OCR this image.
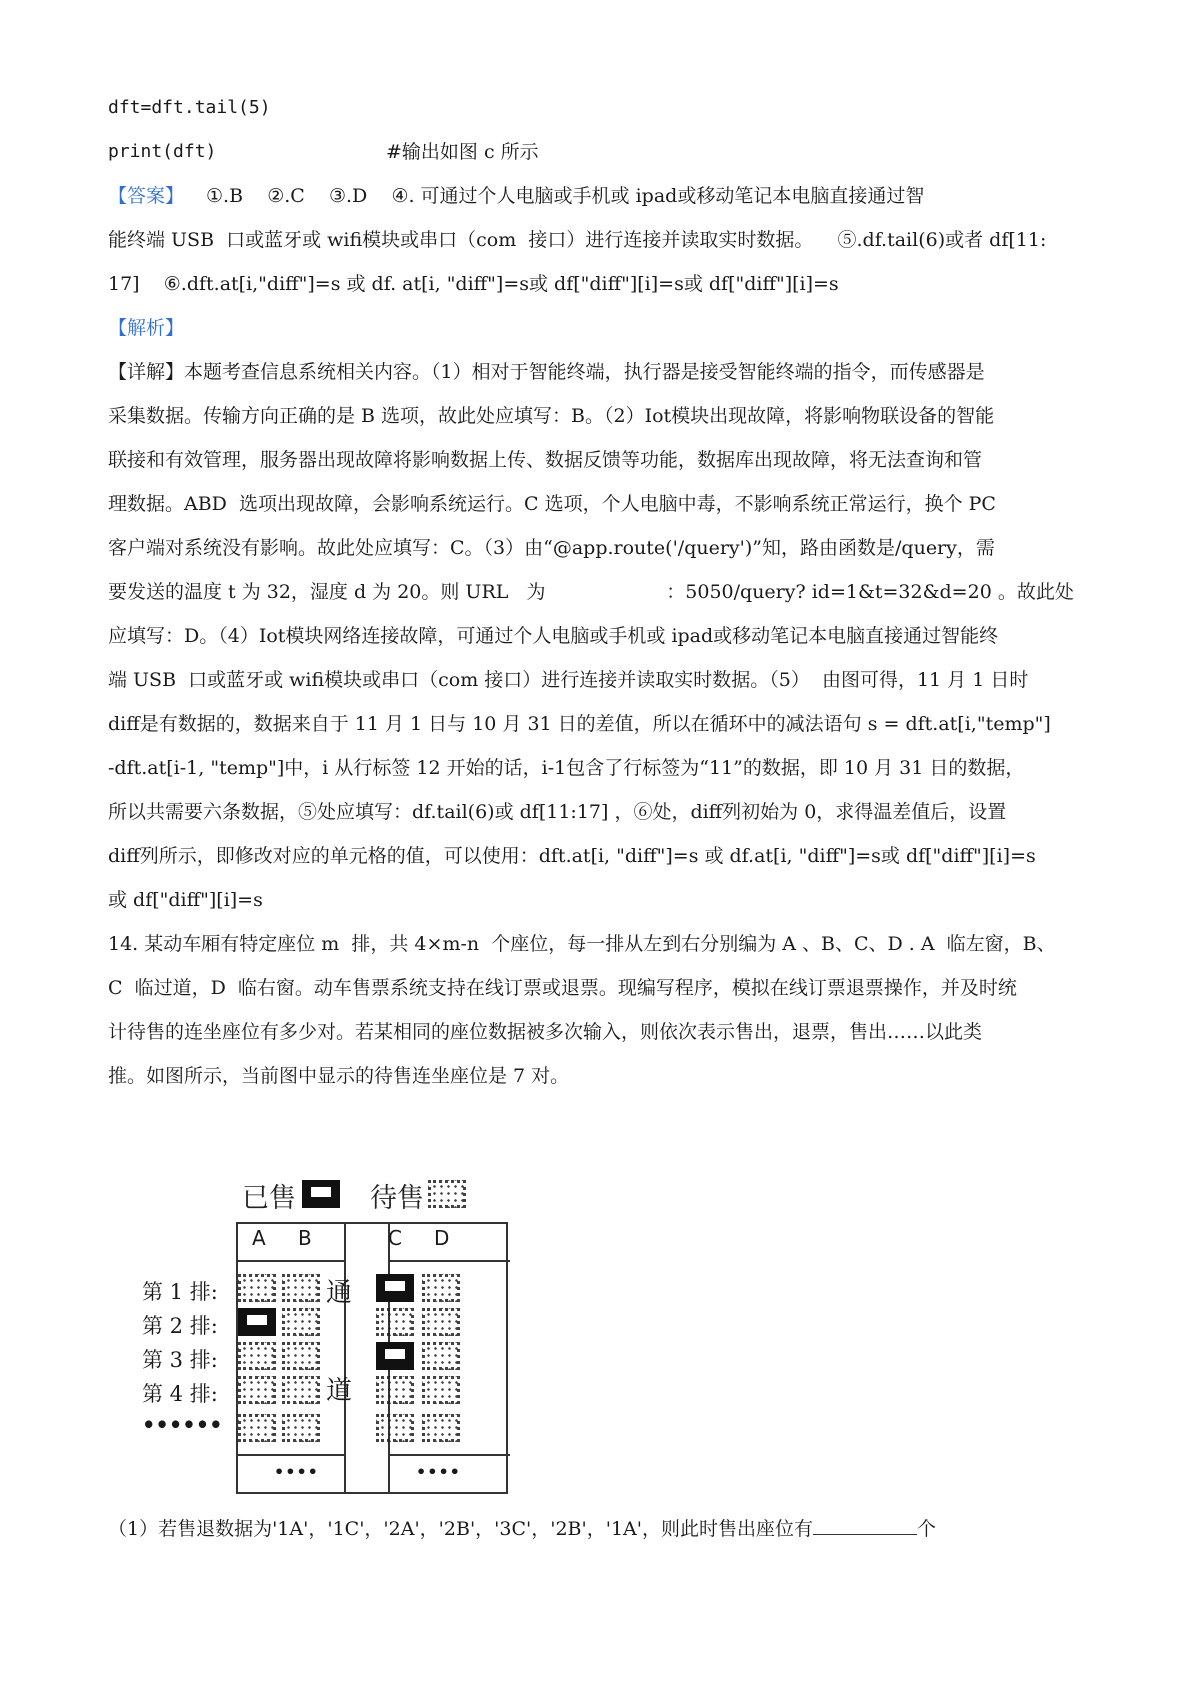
dft=dft.tail(5)
print(dft)	#输出如图 c 所示
【答案】 ①.B    ②.C    ③.D    ④. 可通过个人电脑或手机或 ipad或移动笔记本电脑直接通过智
能终端 USB  口或蓝牙或 wifi模块或串口（com  接口）进行连接并读取实时数据。    ⑤.df.tail(6)或者 df[11:
17]    ⑥.dft.at[i,"diff"]=s 或 df. at[i, "diff"]=s或 df["diff"][i]=s或 df["diff"][i]=s
【解析】
【详解】本题考查信息系统相关内容。（1）相对于智能终端，执行器是接受智能终端的指令，而传感器是
采集数据。传输方向正确的是 B 选项，故此处应填写：B。（2）Iot模块出现故障，将影响物联设备的智能
联接和有效管理，服务器出现故障将影响数据上传、数据反馈等功能，数据库出现故障，将无法查询和管
理数据。ABD  选项出现故障，会影响系统运行。C 选项，个人电脑中毒，不影响系统正常运行，换个 PC
客户端对系统没有影响。故此处应填写：C。（3）由“@app.route('/query')”知，路由函数是/query，需
要发送的温度 t 为 32，湿度 d 为 20。则 URL   为                    ：5050/query? id=1&t=32&d=20 。故此处
应填写：D。（4）Iot模块网络连接故障，可通过个人电脑或手机或 ipad或移动笔记本电脑直接通过智能终
端 USB  口或蓝牙或 wifi模块或串口（com 接口）进行连接并读取实时数据。（5）  由图可得，11 月 1 日时
diff是有数据的，数据来自于 11 月 1 日与 10 月 31 日的差值，所以在循环中的减法语句 s = dft.at[i,"temp"]
-dft.at[i-1, "temp"]中，i 从行标签 12 开始的话，i-1包含了行标签为“11”的数据，即 10 月 31 日的数据，
所以共需要六条数据，⑤处应填写：df.tail(6)或 df[11:17] ，⑥处，diff列初始为 0，求得温差值后，设置
diff列所示，即修改对应的单元格的值，可以使用：dft.at[i, "diff"]=s 或 df.at[i, "diff"]=s或 df["diff"][i]=s
或 df["diff"][i]=s
14. 某动车厢有特定座位 m  排，共 4×m-n  个座位，每一排从左到右分别编为 A 、B、C、D . A  临左窗，B、
C  临过道，D  临右窗。动车售票系统支持在线订票或退票。现编写程序，模拟在线订票退票操作，并及时统
计待售的连坐座位有多少对。若某相同的座位数据被多次输入，则依次表示售出，退票，售出……以此类
推。如图所示，当前图中显示的待售连坐座位是 7 对。
已售	待售
A B	C D
第 1 排:
第 2 排:
第 3 排:
第 4 排:
••••••
通
道
••••	••••
（1）若售退数据为'1A'，'1C'，'2A'，'2B'，'3C'，'2B'，'1A'，则此时售出座位有	个
